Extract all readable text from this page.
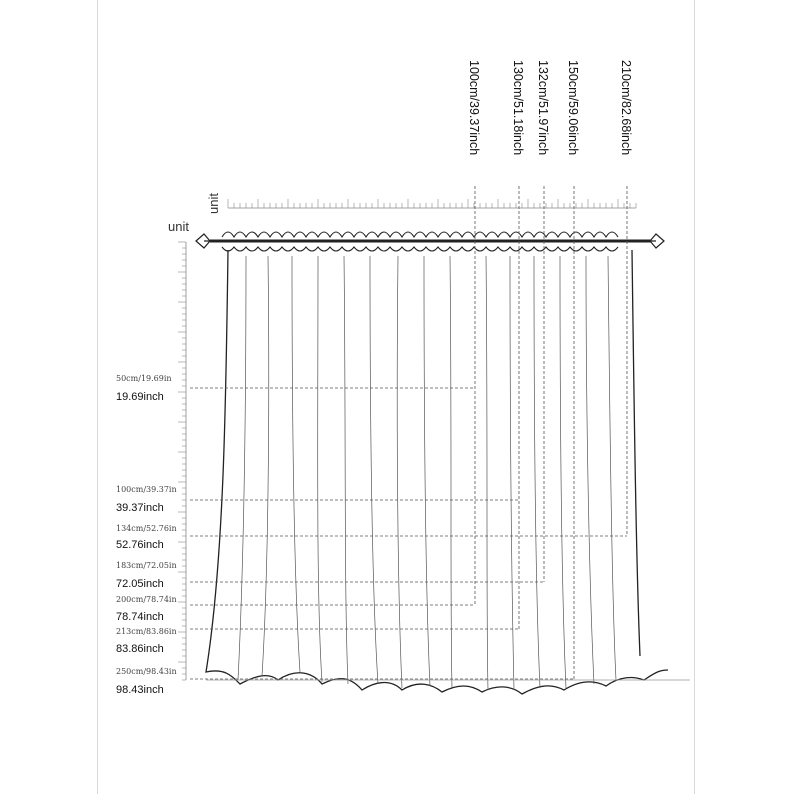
unit
unit
100cm/39.37inch 130cm/51.18inch 132cm/51.97inch 150cm/59.06inch	210cm/82.68inch
50cm/19.69in
19.69inch
100cm/39.37in
39.37inch
134cm/52.76in
52.76inch
183cm/72.05in
72.05inch
200cm/78.74in
78.74inch
213cm/83.86in
83.86inch
250cm/98.43in
98.43inch
